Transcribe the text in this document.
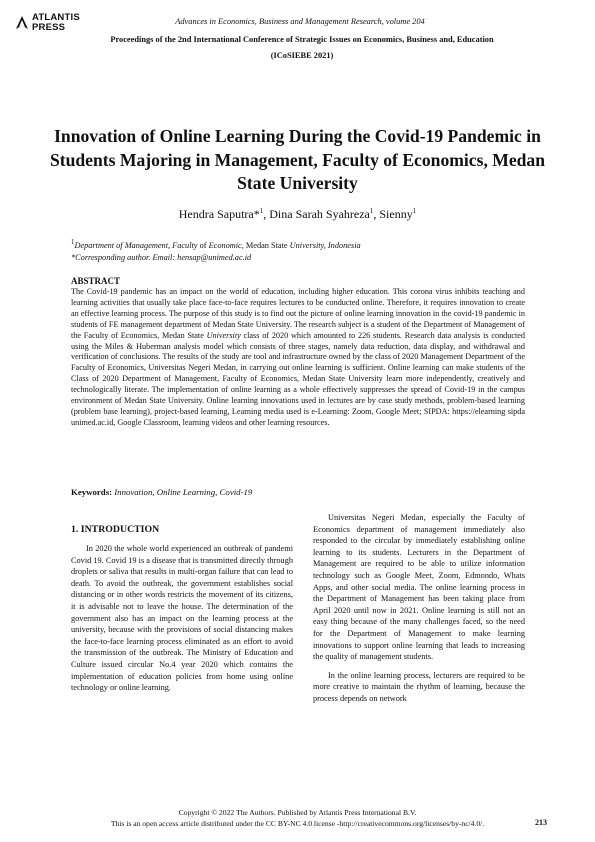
ATLANTIS
PRESS
Advances in Economics, Business and Management Research, volume 204
Proceedings of the 2nd International Conference of Strategic Issues on Economics, Business and, Education (ICoSIEBE 2021)
Innovation of Online Learning During the Covid-19 Pandemic in Students Majoring in Management, Faculty of Economics, Medan State University
Hendra Saputra*$^1$, Dina Sarah Syahreza$^1$, Sienny$^1$
$^1$Department of Management, Faculty of Economic, Medan State University, Indonesia
*Corresponding author. Email: hensap@unimed.ac.id
ABSTRACT
The Covid-19 pandemic has an impact on the world of education, including higher education. This corona virus inhibits teaching and learning activities that usually take place face-to-face requires lectures to be conducted online. Therefore, it requires innovation to create an effective learning process. The purpose of this study is to find out the picture of online learning innovation in the covid-19 pandemic in students of FE management department of Medan State University. The research subject is a student of the Department of Management of the Faculty of Economics, Medan State University class of 2020 which amounted to 226 students. Research data analysis is conducted using the Miles & Huberman analysis model which consists of three stages, namely data reduction, data display, and withdrawal and verification of conclusions. The results of the study are tool and infrastructure owned by the class of 2020 Management Department of the Faculty of Economics, Universitas Negeri Medan, in carrying out online learning is sufficient. Online learning can make students of the Class of 2020 Department of Management, Faculty of Economics, Medan State University learn more independently, creatively and technologically literate. The implementation of online learning as a whole effectively suppresses the spread of Covid-19 in the campus environment of Medan State University. Online learning innovations used in lectures are by case study methods, problem-based learning (problem base learning), project-based learning, Learning media used is e-Learning: Zoom, Google Meet; SIPDA: https://elearning sipda unimed.ac.id, Google Classroom, learning videos and other learning resources.
Keywords: Innovation, Online Learning, Covid-19
1. INTRODUCTION

In 2020 the whole world experienced an outbreak of pandemi Covid 19. Covid 19 is a disease that is transmitted directly through droplets or saliva that results in multi-organ failure that can lead to death. To avoid the outbreak, the government establishes social distancing or in other words restricts the movement of its citizens, it is advisable not to leave the house. The determination of the government also has an impact on the learning process at the university, because with the provisions of social distancing makes the face-to-face learning process eliminated as an effort to avoid the transmission of the outbreak. The Ministry of Education and Culture issued circular No.4 year 2020 which contains the implementation of education policies from home using online technology or online learning.

Universitas Negeri Medan, especially the Faculty of Economics department of management immediately also responded to the circular by immediately establishing online learning to its students. Lecturers in the Department of Management are required to be able to utilize information technology such as Google Meet, Zoom, Edmondo, Whats Apps, and other social media. The online learning process in the Department of Management has been taking place from April 2020 until now in 2021. Online learning is still not an easy thing because of the many challenges faced, so the need for the Department of Management to make learning innovations to support online learning that leads to increasing the quality of management students.

In the online learning process, lecturers are required to be more creative to maintain the rhythm of learning, because the process depends on network

Copyright © 2022 The Authors. Published by Atlantis Press International B.V.
This is an open access article distributed under the CC BY-NC 4.0 license -http://creativecommons.org/licenses/by-nc/4.0/.	213
